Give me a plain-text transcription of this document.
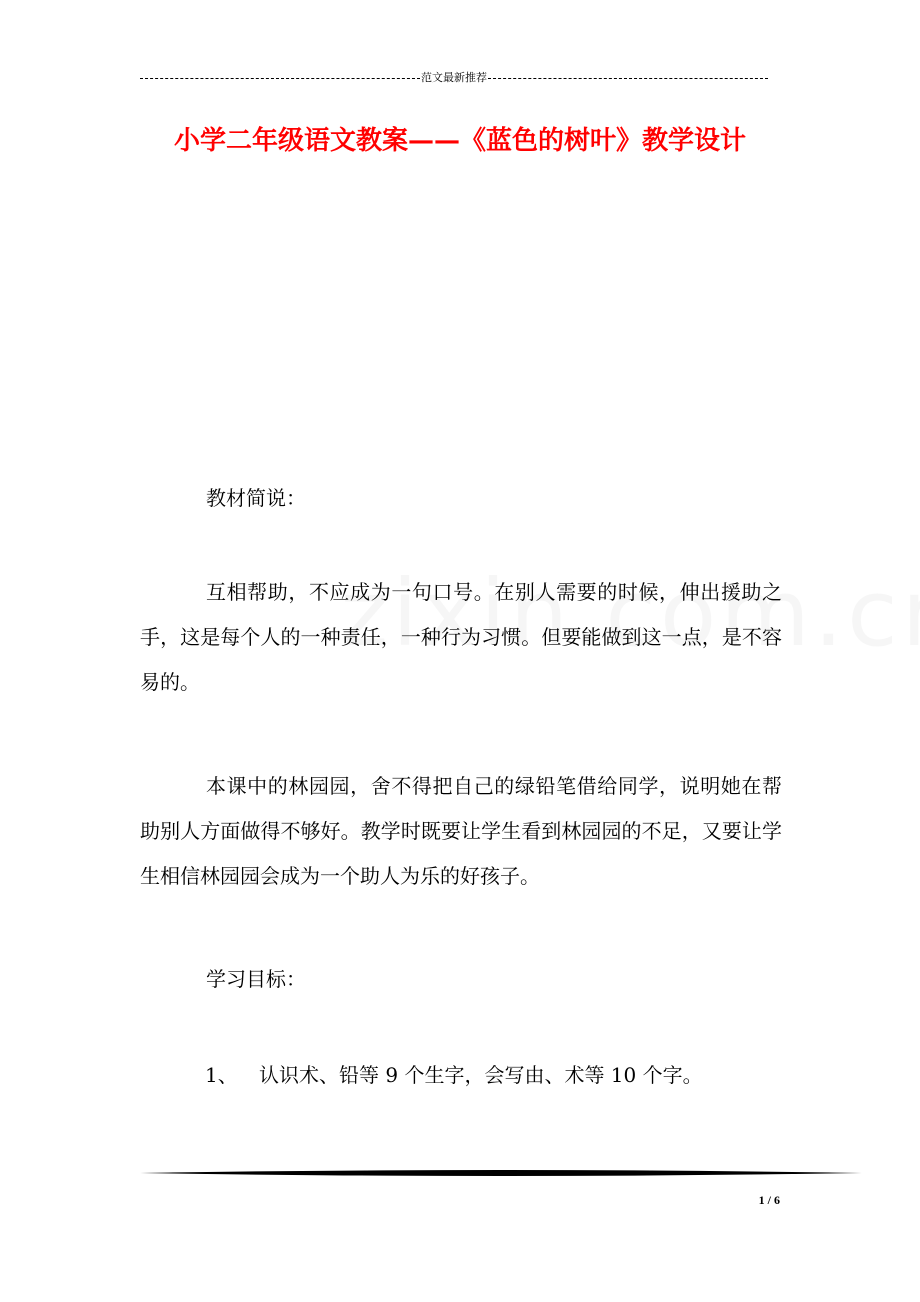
范文最新推荐
小学二年级语文教案——《蓝色的树叶》教学设计
教材简说：
互相帮助，不应成为一句口号。在别人需要的时候，伸出援助之手，这是每个人的一种责任，一种行为习惯。但要能做到这一点，是不容易的。
本课中的林园园，舍不得把自己的绿铅笔借给同学，说明她在帮助别人方面做得不够好。教学时既要让学生看到林园园的不足，又要让学生相信林园园会成为一个助人为乐的好孩子。
学习目标：
1、 认识术、铅等 9 个生字，会写由、术等 10 个字。
1 / 6
